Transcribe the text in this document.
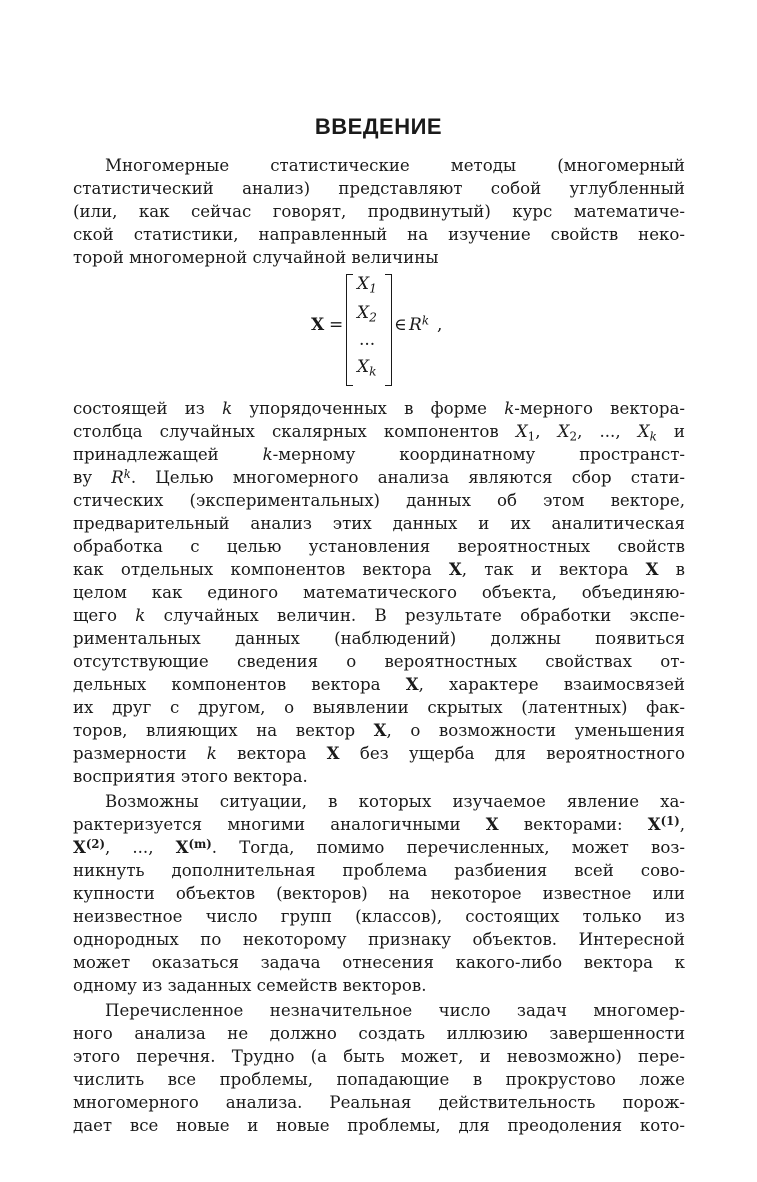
ВВЕДЕНИЕ
Многомерные статистические методы (многомерный
статистический анализ) представляют собой углубленный
(или, как сейчас говорят, продвинутый) курс математиче-
ской статистики, направленный на изучение свойств неко-
торой многомерной случайной величины
X =
$X_1$
$X_2$
...
$X_k$
∈ $R^k$ ,
состоящей из k упорядоченных в форме k-мерного вектора-
столбца случайных скалярных компонентов $X_1$, $X_2$, ..., $X_k$ и
принадлежащей k-мерному координатному пространст-
ву $R^k$. Целью многомерного анализа являются сбор стати-
стических (экспериментальных) данных об этом векторе,
предварительный анализ этих данных и их аналитическая
обработка с целью установления вероятностных свойств
как отдельных компонентов вектора X, так и вектора X в
целом как единого математического объекта, объединяю-
щего k случайных величин. В результате обработки экспе-
риментальных данных (наблюдений) должны появиться
отсутствующие сведения о вероятностных свойствах от-
дельных компонентов вектора X, характере взаимосвязей
их друг с другом, о выявлении скрытых (латентных) фак-
торов, влияющих на вектор X, о возможности уменьшения
размерности k вектора X без ущерба для вероятностного
восприятия этого вектора.
Возможны ситуации, в которых изучаемое явление ха-
рактеризуется многими аналогичными X векторами: $X^{(1)}$,
$X^{(2)}$, ..., $X^{(m)}$. Тогда, помимо перечисленных, может воз-
никнуть дополнительная проблема разбиения всей сово-
купности объектов (векторов) на некоторое известное или
неизвестное число групп (классов), состоящих только из
однородных по некоторому признаку объектов. Интересной
может оказаться задача отнесения какого-либо вектора к
одному из заданных семейств векторов.
Перечисленное незначительное число задач многомер-
ного анализа не должно создать иллюзию завершенности
этого перечня. Трудно (а быть может, и невозможно) пере-
числить все проблемы, попадающие в прокрустово ложе
многомерного анализа. Реальная действительность порож-
дает все новые и новые проблемы, для преодоления кото-
